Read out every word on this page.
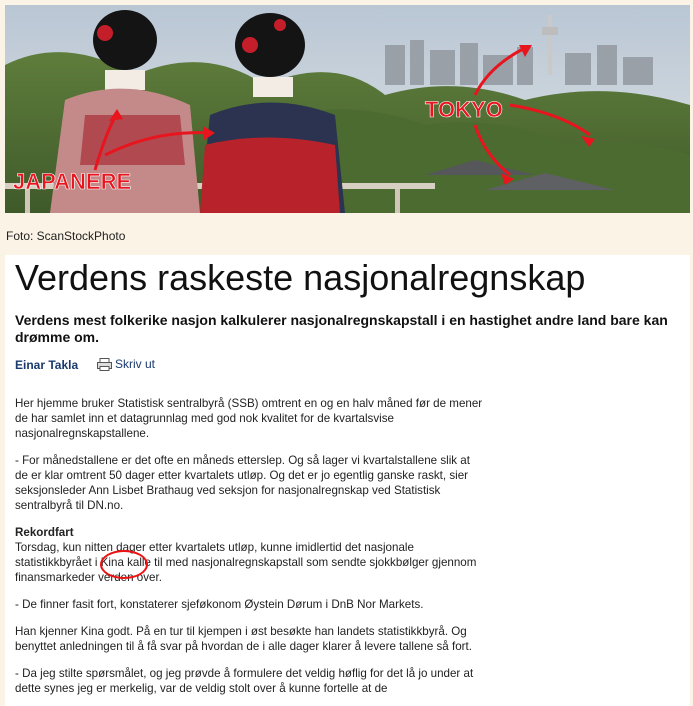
JAPANERE
TOKYO
Foto: ScanStockPhoto
Verdens raskeste nasjonalregnskap

Verdens mest folkerike nasjon kalkulerer nasjonalregnskapstall i en hastighet andre land bare kan drømme om.

Einar Takla	Skriv ut

Her hjemme bruker Statistisk sentralbyrå (SSB) omtrent en og en halv måned før de mener de har samlet inn et datagrunnlag med god nok kvalitet for de kvartalsvise nasjonalregnskapstallene.

- For månedstallene er det ofte en måneds etterslep. Og så lager vi kvartalstallene slik at de er klar omtrent 50 dager etter kvartalets utløp. Og det er jo egentlig ganske raskt, sier seksjonsleder Ann Lisbet Brathaug ved seksjon for nasjonalregnskap ved Statistisk sentralbyrå til DN.no.

Rekordfart
Torsdag, kun nitten dager etter kvartalets utløp, kunne imidlertid det nasjonale statistikkbyrået i Kina kalle til med nasjonalregnskapstall som sendte sjokkbølger gjennom finansmarkeder verden over.

- De finner fasit fort, konstaterer sjeføkonom Øystein Dørum i DnB Nor Markets.

Han kjenner Kina godt. På en tur til kjempen i øst besøkte han landets statistikkbyrå. Og benyttet anledningen til å få svar på hvordan de i alle dager klarer å levere tallene så fort.

- Da jeg stilte spørsmålet, og jeg prøvde å formulere det veldig høflig for det lå jo under at dette synes jeg er merkelig, var de veldig stolt over å kunne fortelle at de
